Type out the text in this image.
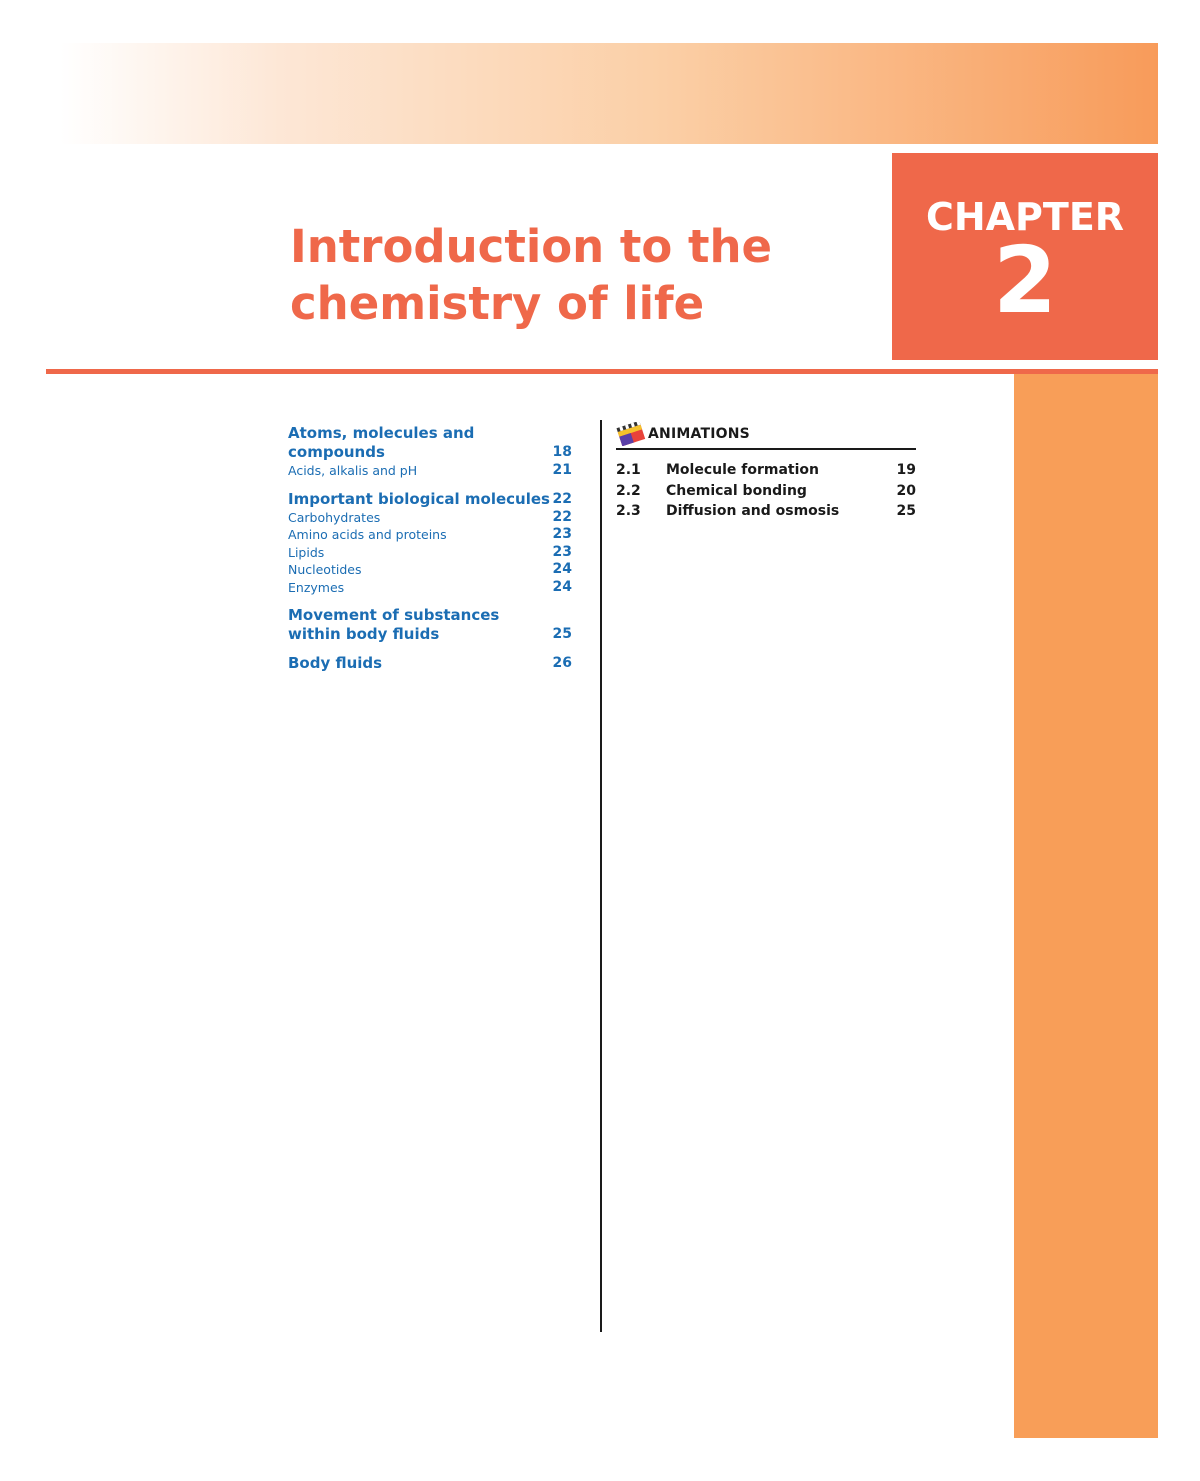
CHAPTER
2
Introduction to the
chemistry of life
Atoms, molecules and
compounds	18
Acids, alkalis and pH	21
Important biological molecules 22
Carbohydrates	22
Amino acids and proteins	23
Lipids	23
Nucleotides	24
Enzymes	24
Movement of substances
within body fluids	25
Body fluids	26
ANIMATIONS
2.1	Molecule formation	19
2.2	Chemical bonding	20
2.3	Diffusion and osmosis	25
